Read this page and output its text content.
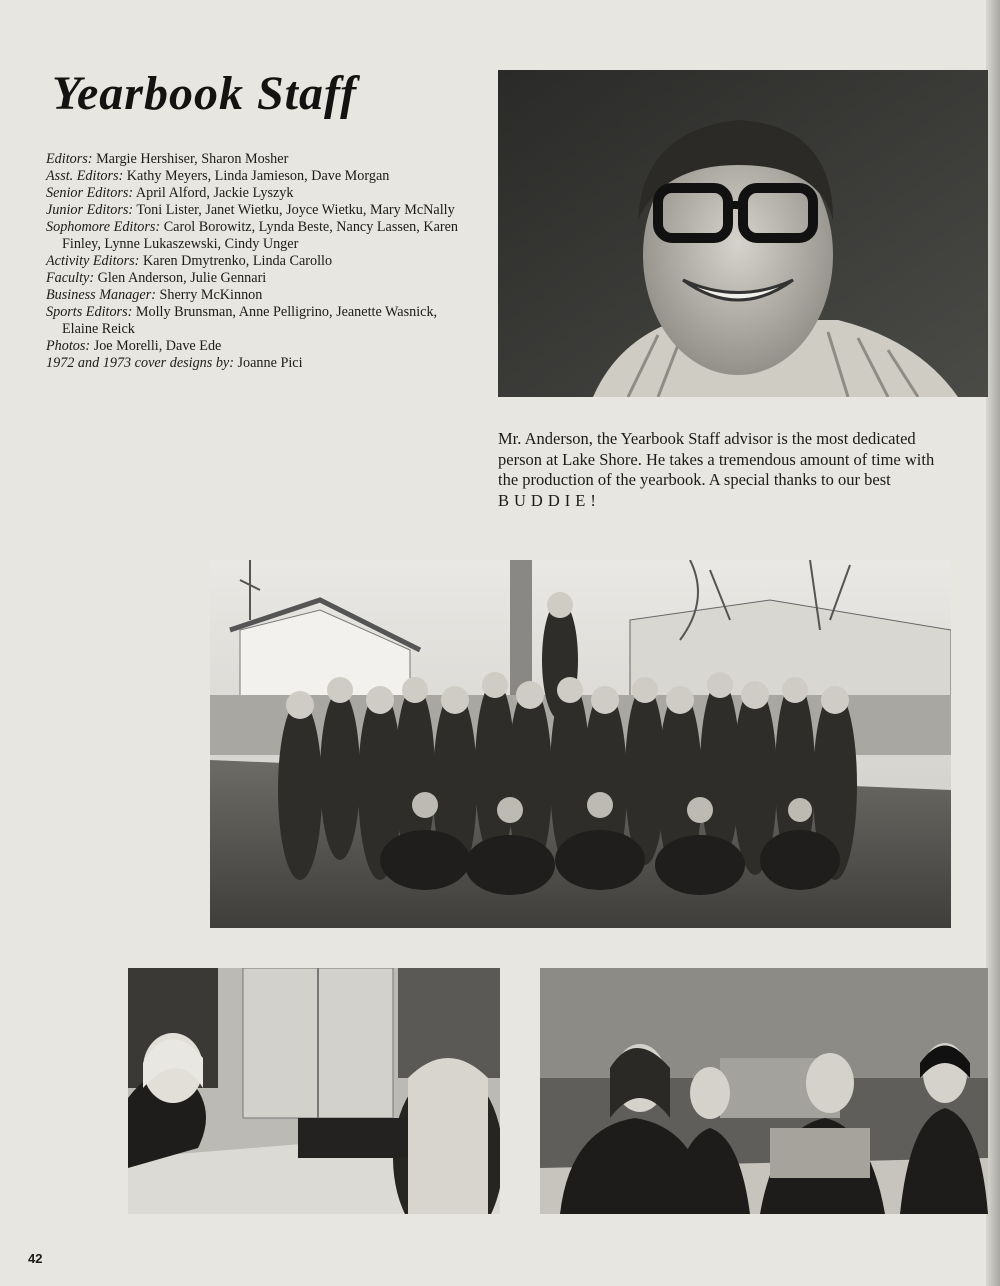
Yearbook Staff
Editors: Margie Hershiser, Sharon Mosher
Asst. Editors: Kathy Meyers, Linda Jamieson, Dave Morgan
Senior Editors: April Alford, Jackie Lyszyk
Junior Editors: Toni Lister, Janet Wietku, Joyce Wietku, Mary McNally
Sophomore Editors: Carol Borowitz, Lynda Beste, Nancy Lassen, Karen Finley, Lynne Lukaszewski, Cindy Unger
Activity Editors: Karen Dmytrenko, Linda Carollo
Faculty: Glen Anderson, Julie Gennari
Business Manager: Sherry McKinnon
Sports Editors: Molly Brunsman, Anne Pelligrino, Jeanette Wasnick, Elaine Reick
Photos: Joe Morelli, Dave Ede
1972 and 1973 cover designs by: Joanne Pici

Mr. Anderson, the Yearbook Staff advisor is the most dedicated person at Lake Shore. He takes a tremendous amount of time with the production of the yearbook. A special thanks to our best
BUDDIE!

42
